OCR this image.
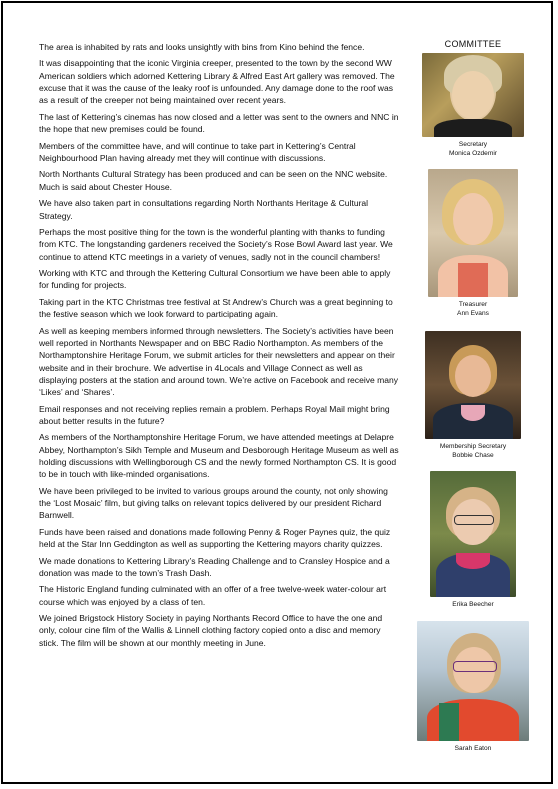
The area is inhabited by rats and looks unsightly with bins from Kino behind the fence.

It was disappointing that the iconic Virginia creeper, presented to the town by the second WW American soldiers which adorned Kettering Library & Alfred East Art gallery was removed. The excuse that it was the cause of the leaky roof is unfounded. Any damage done to the roof was as a result of the creeper not being maintained over recent years.

The last of Kettering’s cinemas has now closed and a letter was sent to the owners and NNC in the hope that new premises could be found.

Members of the committee have, and will continue to take part in Kettering’s Central Neighbourhood Plan having already met they will continue with discussions.

North Northants Cultural Strategy has been produced and can be seen on the NNC website. Much is said about Chester House.

We have also taken part in consultations regarding North Northants Heritage & Cultural Strategy.

Perhaps the most positive thing for the town is the wonderful planting with thanks to funding from KTC. The longstanding gardeners received the Society’s Rose Bowl Award last year. We continue to attend KTC meetings in a variety of venues, sadly not in the council chambers!

Working with KTC and through the Kettering Cultural Consortium we have been able to apply for funding for projects.

Taking part in the KTC Christmas tree festival at St Andrew’s Church was a great beginning to the festive season which we look forward to participating again.

As well as keeping members informed through newsletters. The Society’s activities have been well reported in Northants Newspaper and on BBC Radio Northampton. As members of the Northamptonshire Heritage Forum, we submit articles for their newsletters and appear on their website and in their brochure. We advertise in 4Locals and Village Connect as well as displaying posters at the station and around town. We’re active on Facebook and receive many ‘Likes’ and ‘Shares’.

Email responses and not receiving replies remain a problem. Perhaps Royal Mail might bring about better results in the future?

As members of the Northamptonshire Heritage Forum, we have attended meetings at Delapre Abbey, Northampton’s Sikh Temple and Museum and Desborough Heritage Museum as well as holding discussions with Wellingborough CS and the newly formed Northampton CS. It is good to be in touch with like-minded organisations.

We have been privileged to be invited to various groups around the county, not only showing the ‘Lost Mosaic’ film, but giving talks on relevant topics delivered by our president Richard Barnwell.

Funds have been raised and donations made following Penny & Roger Paynes quiz, the quiz held at the Star Inn Geddington as well as supporting the Kettering mayors charity quizzes.

We made donations to Kettering Library’s Reading Challenge and to Cransley Hospice and a donation was made to the town’s Trash Dash.

The Historic England funding culminated with an offer of a free twelve-week water-colour art course which was enjoyed by a class of ten.

We joined Brigstock History Society in paying Northants Record Office to have the one and only, colour cine film of the Wallis & Linnell clothing factory copied onto a disc and memory stick. The film will be shown at our monthly meeting in June.

COMMITTEE
Secretary
Monica Ozdemir
Treasurer
Ann Evans
Membership Secretary
Bobbie Chase
Erika Beecher
Sarah Eaton
